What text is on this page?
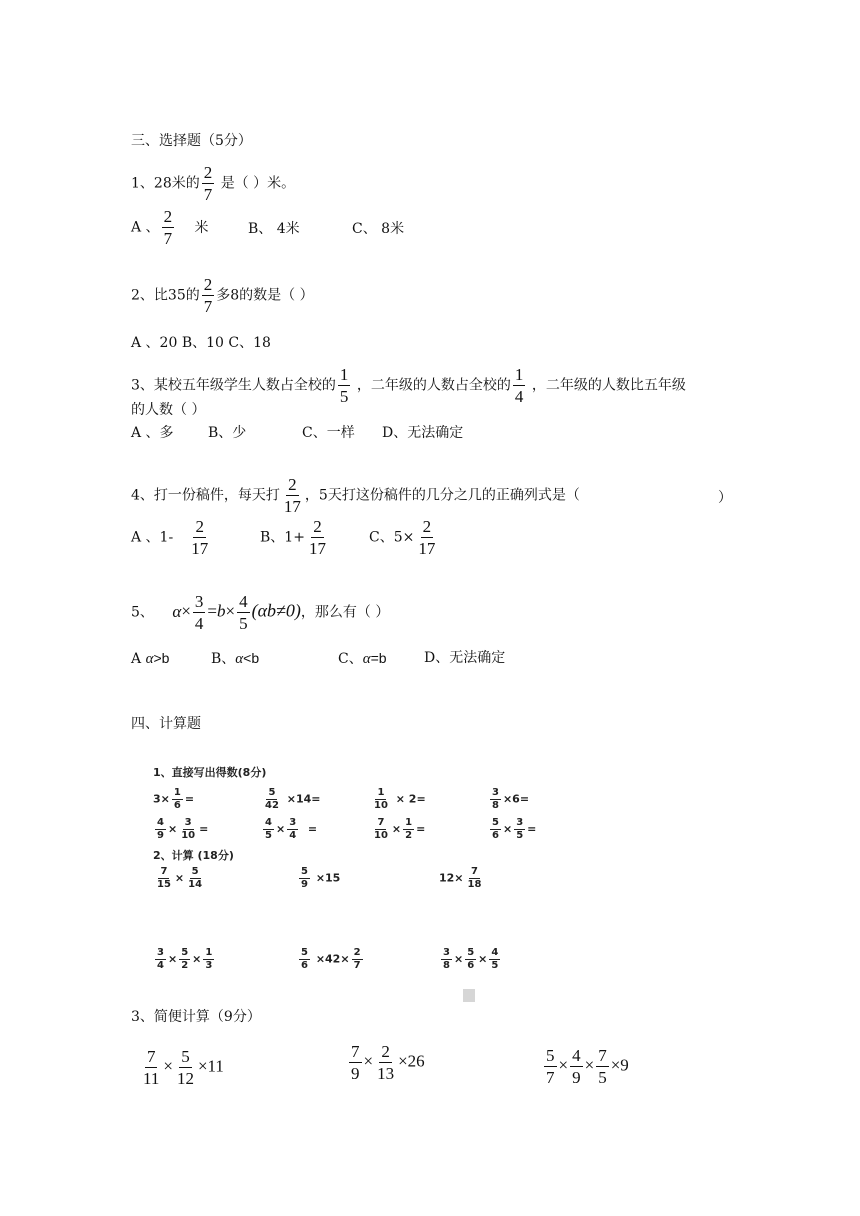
三、选择题（5分）
1、28米的 $\frac{2}{7}$ 是（ ）米。
A 、 $\frac{2}{7}$ 米	B、 4米	C、 8米
2、比35的 $\frac{2}{7}$ 多8的数是（ ）
A 、20 B、10 C、18
3、某校五年级学生人数占全校的 $\frac{1}{5}$ ，二年级的人数占全校的 $\frac{1}{4}$ ，二年级的人数比五年级
的人数（ ）
A 、多 B、少	C、一样 D、无法确定
4、打一份稿件，每天打 $\frac{2}{17}$ ，5天打这份稿件的几分之几的正确列式是（	）
A 、$1- \frac{2}{17}$	B、$1+ \frac{2}{17}$	C、$5\times \frac{2}{17}$
5、 $\alpha\times \frac{3}{4} =b\times \frac{4}{5} (\alpha b\ne 0)$，那么有（ ）
A α>b	B、α<b	C、α=b	D、无法确定
四、计算题
1、直接写出得数(8分)
$3\times \frac{1}{6}$ =	$\frac{5}{42} \times 14=$	$\frac{1}{10} \times 2=$	$\frac{3}{8} \times 6=$
$\frac{4}{9} \times \frac{3}{10}$ =	$\frac{4}{5} \times \frac{3}{4}$ =	$\frac{7}{10} \times \frac{1}{2}$ =	$\frac{5}{6} \times \frac{3}{5}$ =
2、计算 (18分)
$\frac{7}{15} \times \frac{5}{14}$	$\frac{5}{9} \times 15$	$12\times \frac{7}{18}$
$\frac{3}{4} \times \frac{5}{2} \times \frac{1}{3}$	$\frac{5}{6} \times 42\times \frac{2}{7}$	$\frac{3}{8} \times \frac{5}{6} \times \frac{4}{5}$
3、简便计算（9分）
$\frac{7}{11} \times \frac{5}{12} \times 11$	$\frac{7}{9} \times \frac{2}{13} \times 26$	$\frac{5}{7} \times \frac{4}{9} \times \frac{7}{5} \times 9$
